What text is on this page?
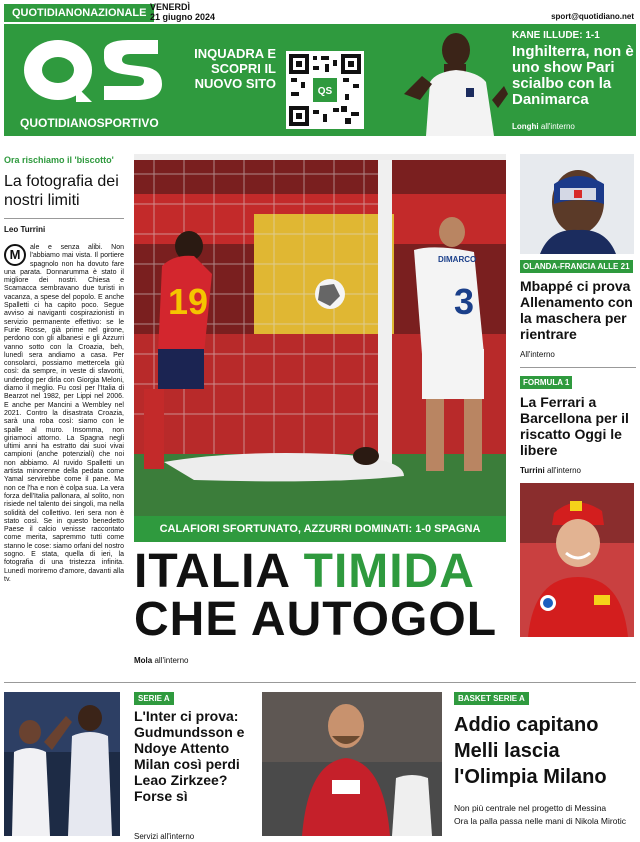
QUOTIDIANONAZIONALE VENERDÌ
21 giugno 2024	sport@quotidiano.net
QUOTIDIANOSPORTIVO
INQUADRA E SCOPRI IL NUOVO SITO
QS
KANE ILLUDE: 1-1
Inghilterra, non è uno show Pari scialbo con la Danimarca
Longhi all'interno
Ora rischiamo il 'biscotto'
La fotografia dei nostri limiti
Leo Turrini
M	ale e senza alibi. Non l'abbiamo mai vista. Il portiere spagnolo non ha dovuto fare una parata. Donnarumma è stato il migliore dei nostri. Chiesa e Scamacca sembravano due turisti in vacanza, a spese del popolo. E anche Spalletti ci ha capito poco. Segue avviso ai naviganti cospirazionisti in servizio permanente effettivo: se le Furie Rosse, già prime nel girone, perdono con gli albanesi e gli Azzurri vanno sotto con la Croazia, beh, lunedì sera andiamo a casa. Per consolarci, possiamo mettercela giù così: da sempre, in veste di sfavoriti, underdog per dirla con Giorgia Meloni, diamo il meglio. Fu così per l'Italia di Bearzot nel 1982, per Lippi nel 2006. E anche per Mancini a Wembley nel 2021. Contro la disastrata Croazia, sarà una roba così: siamo con le spalle al muro. Insomma, non giriamoci attorno. La Spagna negli ultimi anni ha estratto dai suoi vivai campioni (anche potenziali) che noi non abbiamo. Al ruvido Spalletti un artista minorenne della pedata come Yamal servirebbe come il pane. Ma non ce l'ha e non è colpa sua. La vera forza dell'Italia pallonara, al solito, non risiede nel talento dei singoli, ma nella solidità del collettivo. Ieri sera non è stato così. Se in questo benedetto Paese il calcio venisse raccontato come merita, sapremmo tutti come stanno le cose: siamo orfani del nostro sogno. E stata, quella di ieri, la fotografia di una tristezza infinita. Lunedì moriremo d'amore, davanti alla tv.

19
DIMARCO
3
CALAFIORI SFORTUNATO, AZZURRI DOMINATI: 1-0 SPAGNA
ITALIA TIMIDA
CHE AUTOGOL
Mola all'interno
OLANDA-FRANCIA ALLE 21
Mbappé ci prova Allenamento con la maschera per rientrare
All'interno
FORMULA 1
La Ferrari a Barcellona per il riscatto Oggi le libere
Turrini all'interno
SERIE A
L'Inter ci prova: Gudmundsson e Ndoye Attento Milan così perdi Leao Zirkzee? Forse sì
Servizi all'interno
BASKET SERIE A
Addio capitano Melli lascia l'Olimpia Milano
Non più centrale nel progetto di Messina
Ora la palla passa nelle mani di Nikola Mirotic
